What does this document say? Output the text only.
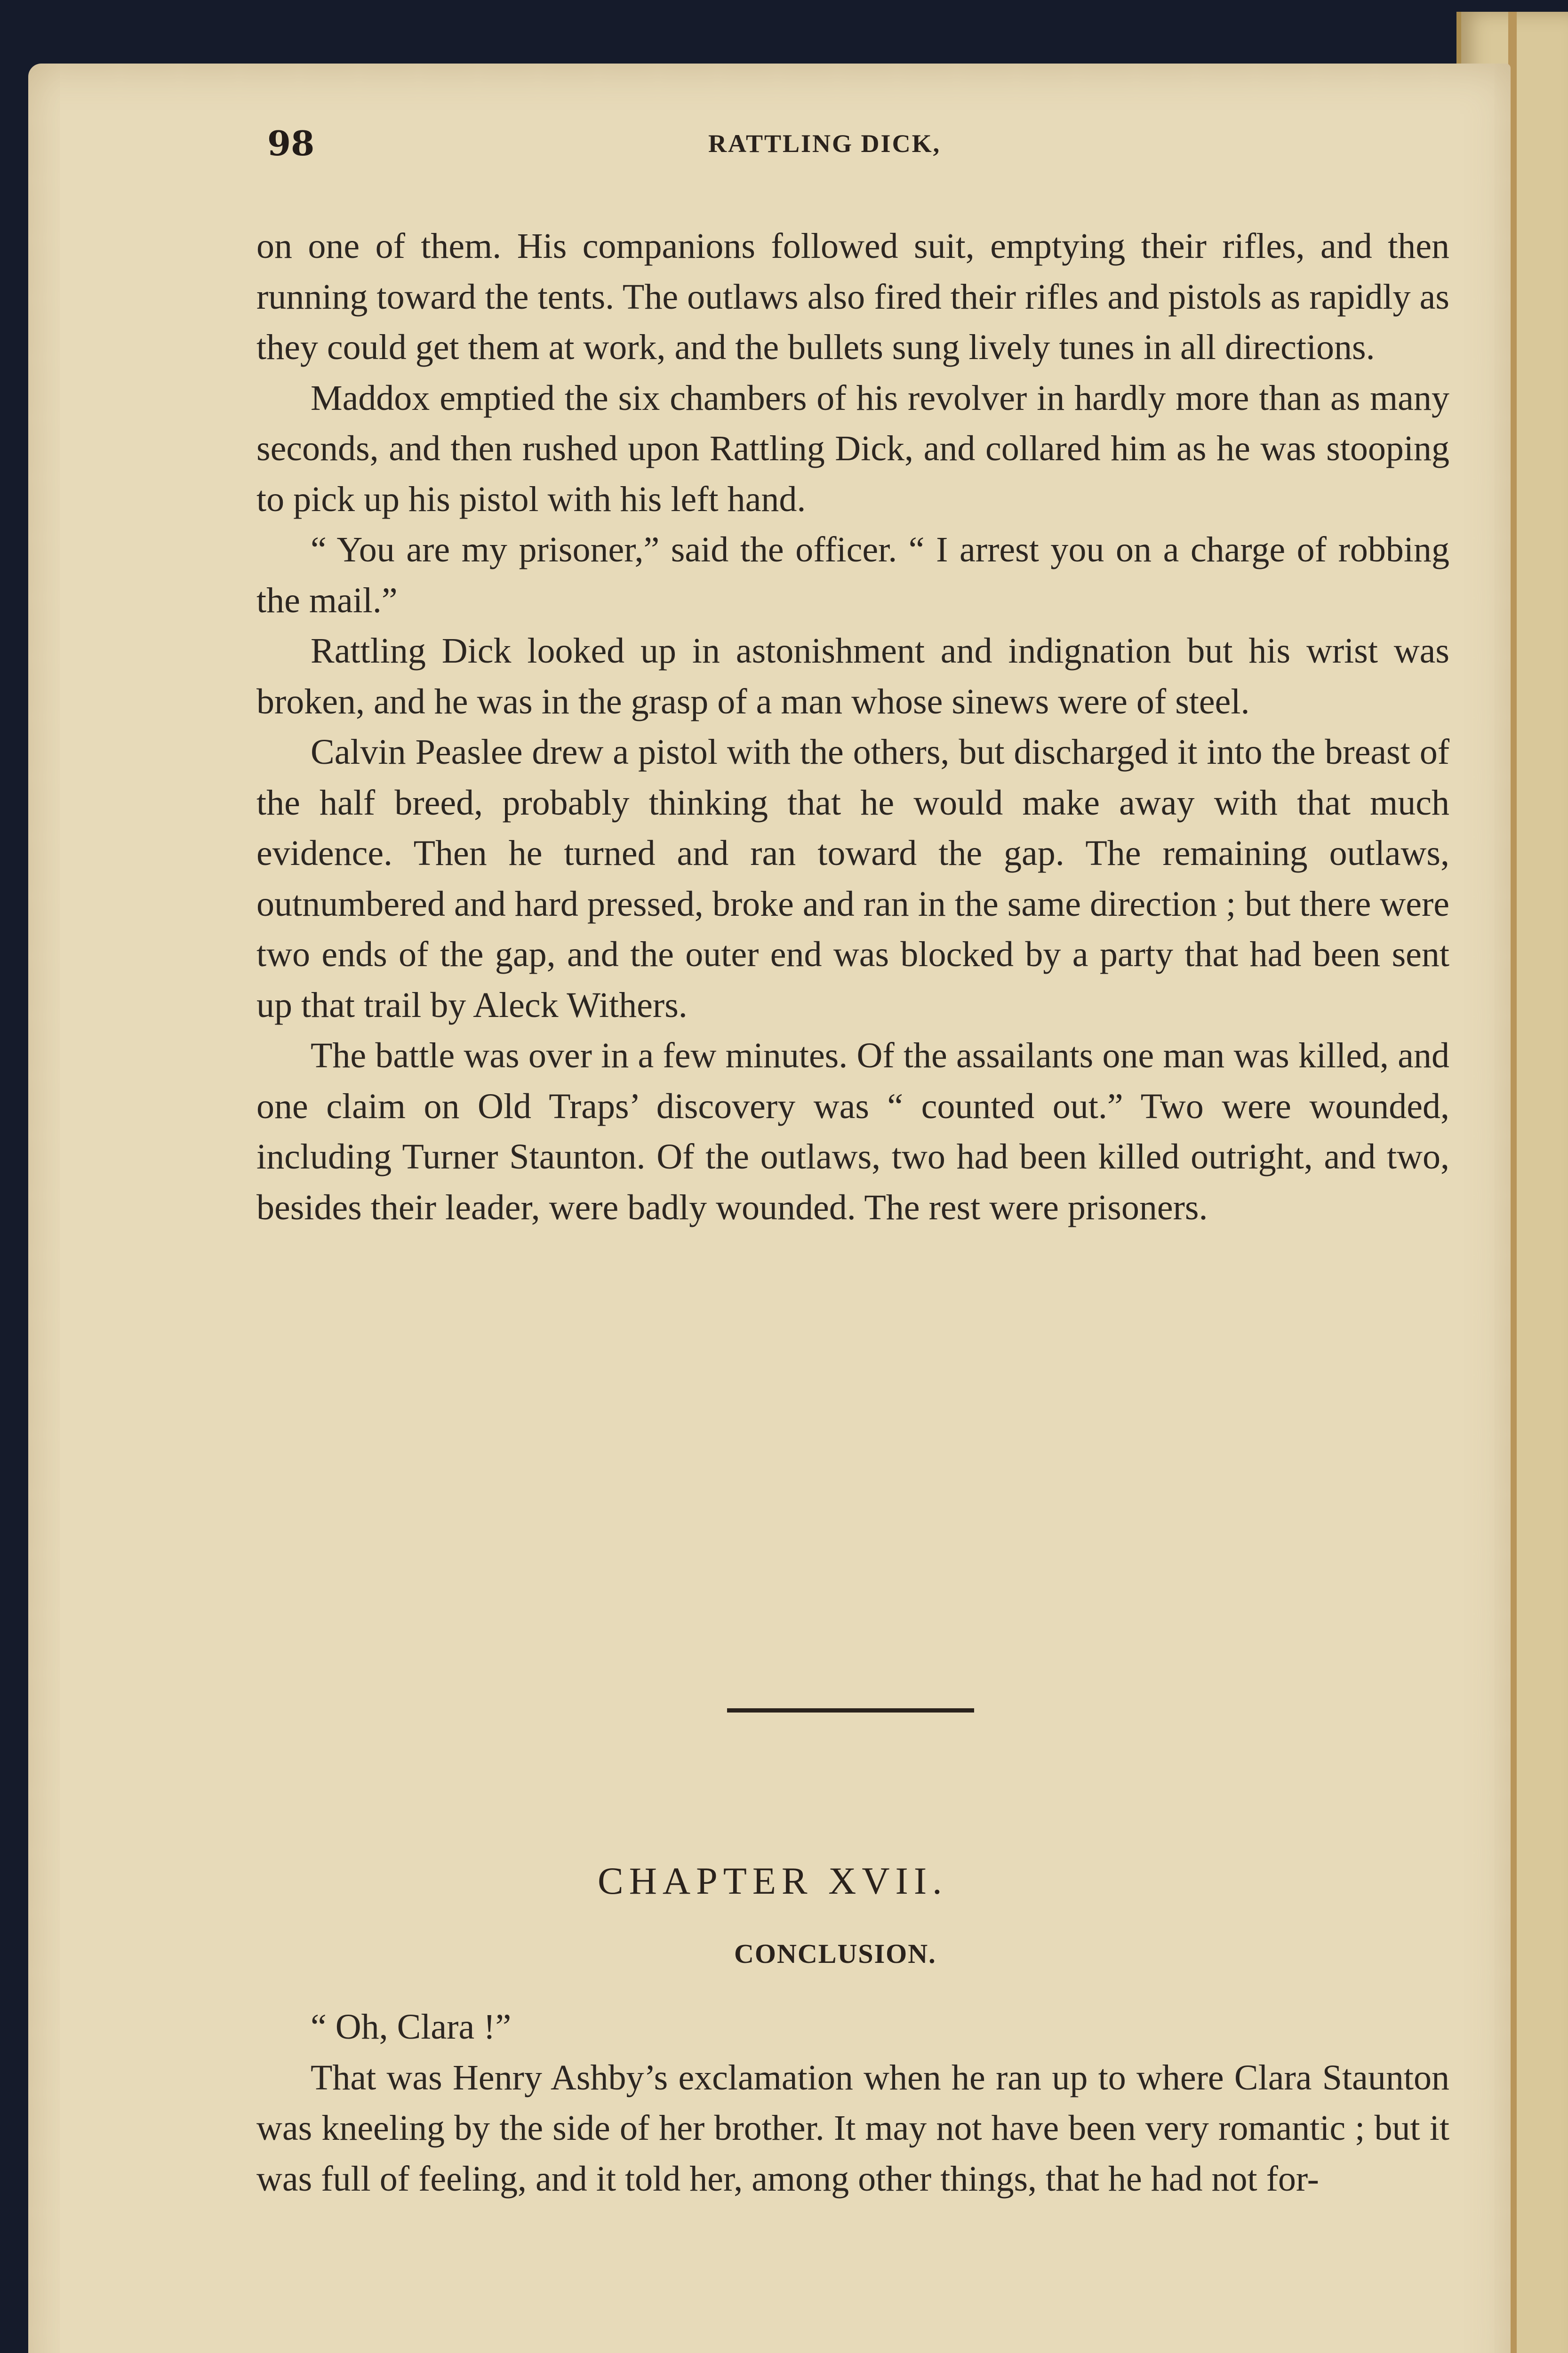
98	RATTLING DICK,

on one of them. His companions followed suit, emptying their rifles, and then running toward the tents. The outlaws also fired their rifles and pistols as rapidly as they could get them at work, and the bullets sung lively tunes in all directions.

Maddox emptied the six chambers of his revolver in hardly more than as many seconds, and then rushed upon Rattling Dick, and collared him as he was stooping to pick up his pistol with his left hand.

“ You are my prisoner,” said the officer. “ I arrest you on a charge of robbing the mail.”

Rattling Dick looked up in astonishment and indignation but his wrist was broken, and he was in the grasp of a man whose sinews were of steel.

Calvin Peaslee drew a pistol with the others, but discharged it into the breast of the half breed, probably thinking that he would make away with that much evidence. Then he turned and ran toward the gap. The remaining outlaws, outnumbered and hard pressed, broke and ran in the same direction ; but there were two ends of the gap, and the outer end was blocked by a party that had been sent up that trail by Aleck Withers.

The battle was over in a few minutes. Of the assailants one man was killed, and one claim on Old Traps’ discovery was “ counted out.” Two were wounded, including Turner Staunton. Of the outlaws, two had been killed outright, and two, besides their leader, were badly wounded. The rest were prisoners.

CHAPTER XVII.
CONCLUSION.

“ Oh, Clara !”

That was Henry Ashby’s exclamation when he ran up to where Clara Staunton was kneeling by the side of her brother. It may not have been very romantic ; but it was full of feeling, and it told her, among other things, that he had not for-
